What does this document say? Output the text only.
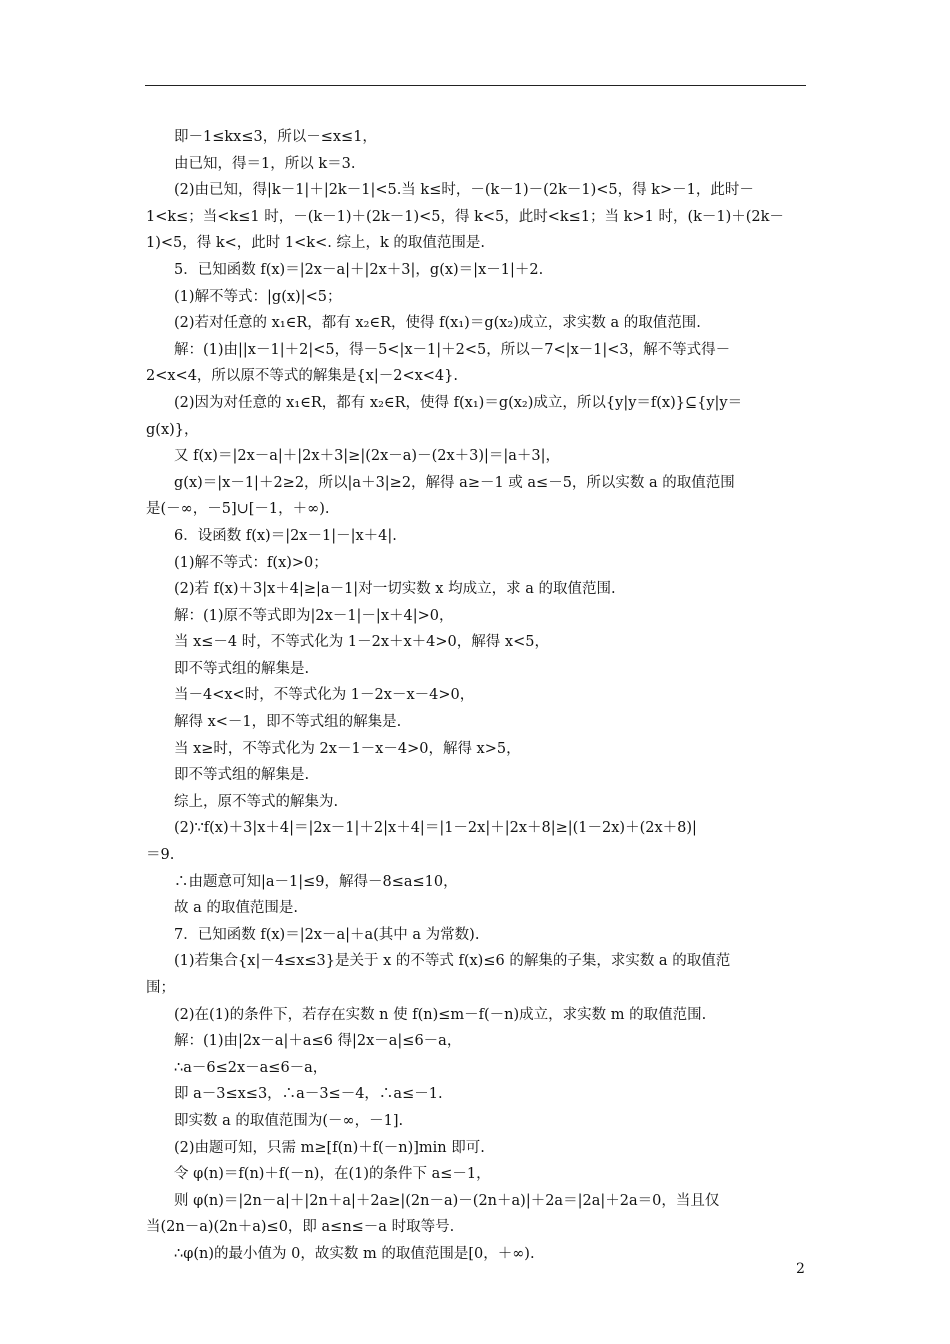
即－1≤kx≤3，所以－≤x≤1，
由已知，得＝1，所以 k＝3.
(2)由已知，得|k－1|＋|2k－1|<5.当 k≤时，－(k－1)－(2k－1)<5，得 k>－1，此时－
1<k≤；当<k≤1 时，－(k－1)＋(2k－1)<5，得 k<5，此时<k≤1；当 k>1 时，(k－1)＋(2k－
1)<5，得 k<，此时 1<k<. 综上，k 的取值范围是.
5．已知函数 f(x)＝|2x－a|＋|2x＋3|，g(x)＝|x－1|＋2.
(1)解不等式：|g(x)|<5；
(2)若对任意的 x₁∈R，都有 x₂∈R，使得 f(x₁)＝g(x₂)成立，求实数 a 的取值范围.
解：(1)由||x－1|＋2|<5，得－5<|x－1|＋2<5，所以－7<|x－1|<3，解不等式得－
2<x<4，所以原不等式的解集是{x|－2<x<4}.
(2)因为对任意的 x₁∈R，都有 x₂∈R，使得 f(x₁)＝g(x₂)成立，所以{y|y＝f(x)}⊆{y|y＝
g(x)}，
又 f(x)＝|2x－a|＋|2x＋3|≥|(2x－a)－(2x＋3)|＝|a＋3|，
g(x)＝|x－1|＋2≥2，所以|a＋3|≥2，解得 a≥－1 或 a≤－5，所以实数 a 的取值范围
是(－∞，－5]∪[－1，＋∞).
6．设函数 f(x)＝|2x－1|－|x＋4|.
(1)解不等式：f(x)>0；
(2)若 f(x)＋3|x＋4|≥|a－1|对一切实数 x 均成立，求 a 的取值范围.
解：(1)原不等式即为|2x－1|－|x＋4|>0，
当 x≤－4 时，不等式化为 1－2x＋x＋4>0，解得 x<5，
即不等式组的解集是.
当－4<x<时，不等式化为 1－2x－x－4>0，
解得 x<－1，即不等式组的解集是.
当 x≥时，不等式化为 2x－1－x－4>0，解得 x>5，
即不等式组的解集是.
综上，原不等式的解集为.
(2)∵f(x)＋3|x＋4|＝|2x－1|＋2|x＋4|＝|1－2x|＋|2x＋8|≥|(1－2x)＋(2x＋8)|
＝9.
∴由题意可知|a－1|≤9，解得－8≤a≤10，
故 a 的取值范围是.
7．已知函数 f(x)＝|2x－a|＋a(其中 a 为常数).
(1)若集合{x|－4≤x≤3}是关于 x 的不等式 f(x)≤6 的解集的子集，求实数 a 的取值范
围；
(2)在(1)的条件下，若存在实数 n 使 f(n)≤m－f(－n)成立，求实数 m 的取值范围.
解：(1)由|2x－a|＋a≤6 得|2x－a|≤6－a，
∴a－6≤2x－a≤6－a，
即 a－3≤x≤3，∴a－3≤－4，∴a≤－1.
即实数 a 的取值范围为(－∞，－1].
(2)由题可知，只需 m≥[f(n)＋f(－n)]min 即可.
令 φ(n)＝f(n)＋f(－n)，在(1)的条件下 a≤－1，
则 φ(n)＝|2n－a|＋|2n＋a|＋2a≥|(2n－a)－(2n＋a)|＋2a＝|2a|＋2a＝0，当且仅
当(2n－a)(2n＋a)≤0，即 a≤n≤－a 时取等号.
∴φ(n)的最小值为 0，故实数 m 的取值范围是[0，＋∞).
2
